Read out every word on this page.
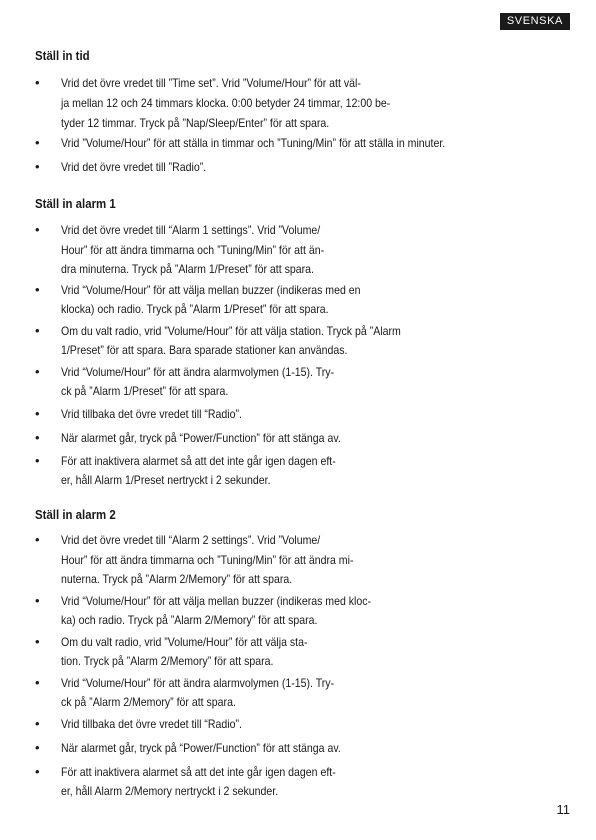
SVENSKA
Ställ in tid
•	Vrid det övre vredet till ”Time set”. Vrid ”Volume/Hour” för att väl-
ja mellan 12 och 24 timmars klocka. 0:00 betyder 24 timmar, 12:00 be-
tyder 12 timmar. Tryck på ”Nap/Sleep/Enter” för att spara.
•	Vrid ”Volume/Hour” för att ställa in timmar och ”Tuning/Min” för att ställa in minuter.
•	Vrid det övre vredet till ”Radio”.
Ställ in alarm 1
•	Vrid det övre vredet till “Alarm 1 settings”. Vrid ”Volume/
Hour” för att ändra timmarna och ”Tuning/Min” för att än-
dra minuterna. Tryck på ”Alarm 1/Preset” för att spara.
•	Vrid “Volume/Hour” för att välja mellan buzzer (indikeras med en
klocka) och radio. Tryck på ”Alarm 1/Preset” för att spara.
•	Om du valt radio, vrid ”Volume/Hour” för att välja station. Tryck på ”Alarm
1/Preset” för att spara. Bara sparade stationer kan användas.
•	Vrid “Volume/Hour” för att ändra alarmvolymen (1-15). Try-
ck på ”Alarm 1/Preset” för att spara.
•	Vrid tillbaka det övre vredet till “Radio”.
•	När alarmet går, tryck på “Power/Function” för att stänga av.
•	För att inaktivera alarmet så att det inte går igen dagen eft-
er, håll Alarm 1/Preset nertryckt i 2 sekunder.
Ställ in alarm 2
•	Vrid det övre vredet till “Alarm 2 settings”. Vrid ”Volume/
Hour” för att ändra timmarna och ”Tuning/Min” för att ändra mi-
nuterna. Tryck på ”Alarm 2/Memory” för att spara.
•	Vrid “Volume/Hour” för att välja mellan buzzer (indikeras med kloc-
ka) och radio. Tryck på ”Alarm 2/Memory” för att spara.
•	Om du valt radio, vrid ”Volume/Hour” för att välja sta-
tion. Tryck på ”Alarm 2/Memory” för att spara.
•	Vrid “Volume/Hour” för att ändra alarmvolymen (1-15). Try-
ck på ”Alarm 2/Memory” för att spara.
•	Vrid tillbaka det övre vredet till “Radio”.
•	När alarmet går, tryck på “Power/Function” för att stänga av.
•	För att inaktivera alarmet så att det inte går igen dagen eft-
er, håll Alarm 2/Memory nertryckt i 2 sekunder.
11
